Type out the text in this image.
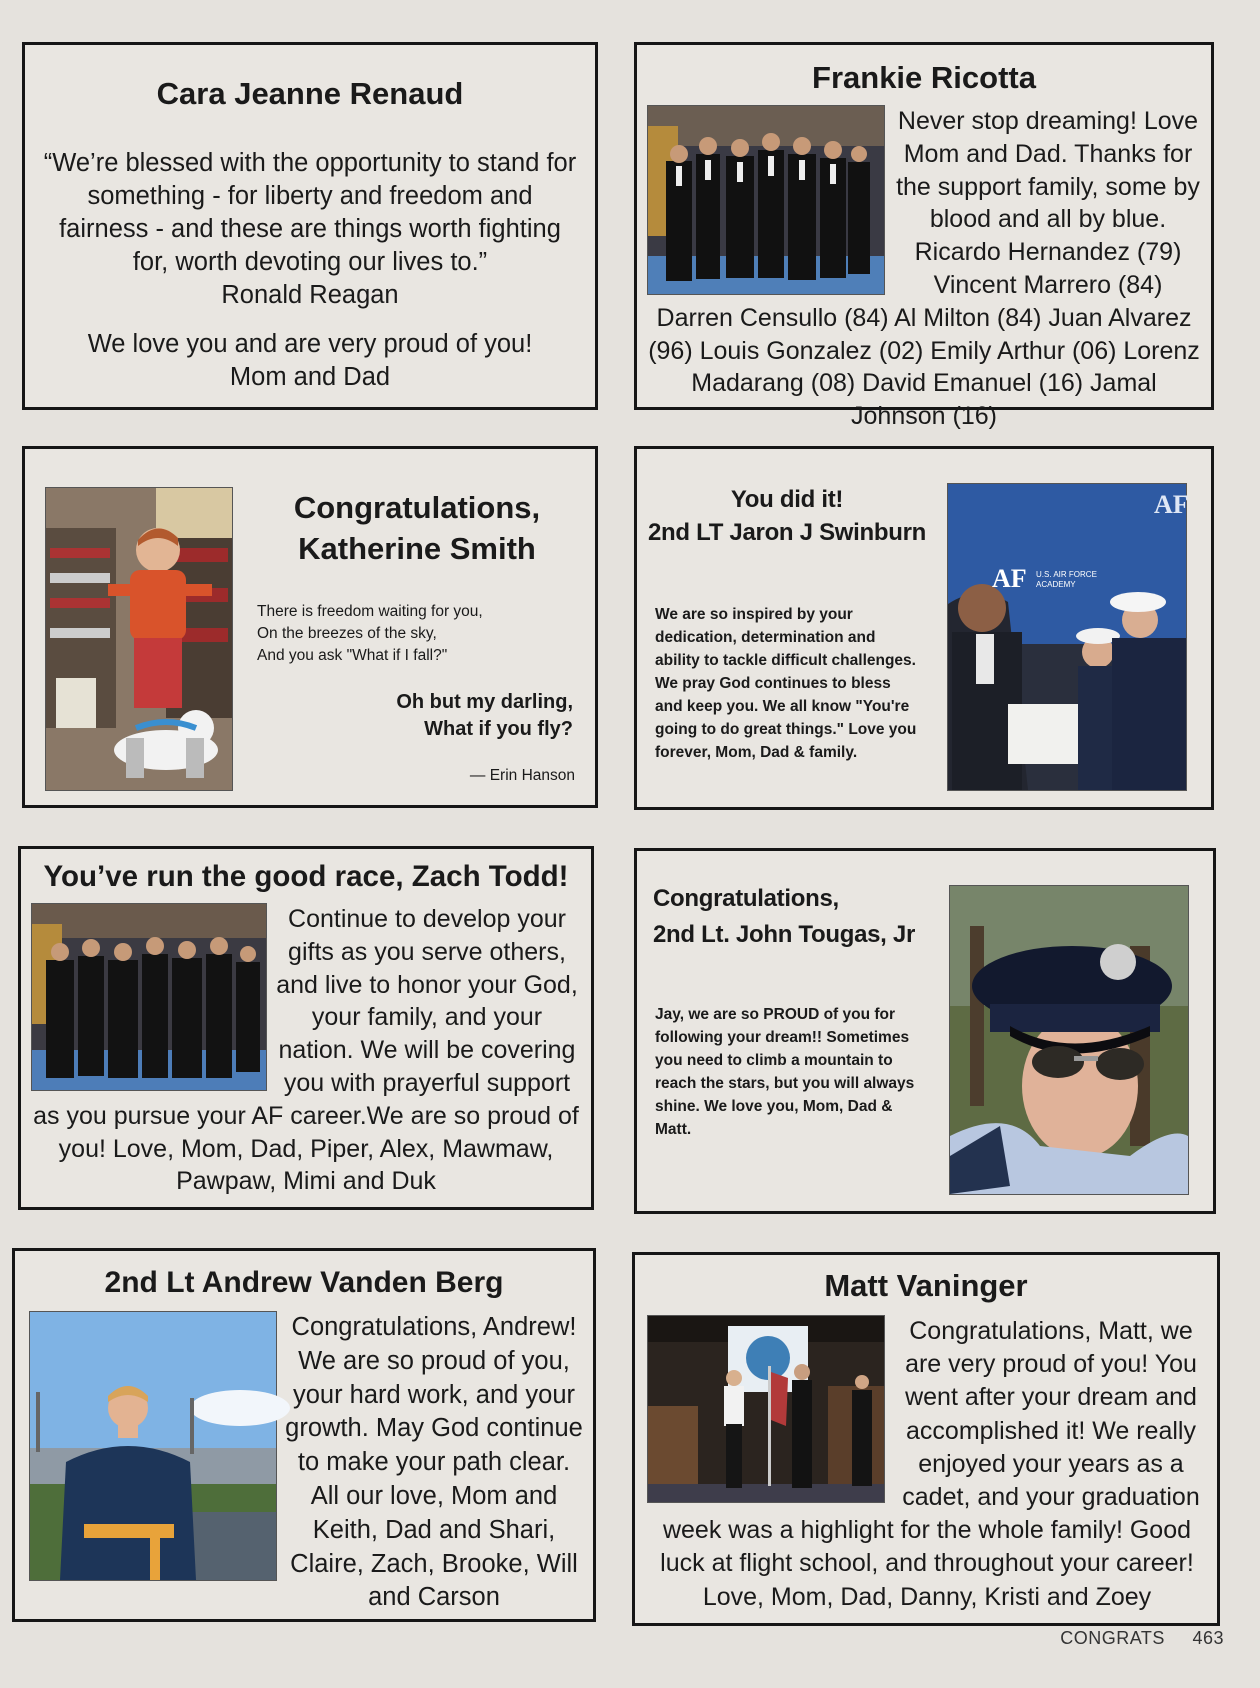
Cara Jeanne Renaud

“We’re blessed with the opportunity to stand for something - for liberty and freedom and fairness - and these are things worth fighting for, worth devoting our lives to.”

Ronald Reagan

We love you and are very proud of you!

Mom and Dad

Frankie Ricotta

Never stop dreaming! Love Mom and Dad. Thanks for the support family, some by blood and all by blue. Ricardo Hernandez (79) Vincent Marrero (84) Darren Censullo (84) Al Milton (84) Juan Alvarez (96) Louis Gonzalez (02) Emily Arthur (06) Lorenz Madarang (08) David Emanuel (16) Jamal Johnson (16)

Congratulations,
Katherine Smith
There is freedom waiting for you,
On the breezes of the sky,
And you ask "What if I fall?"
Oh but my darling,
What if you fly?
— Erin Hanson
You did it!
2nd LT Jaron J Swinburn

We are so inspired by your dedication, determination and ability to tackle difficult challenges. We pray God continues to bless and keep you. We all know "You're going to do great things." Love you forever, Mom, Dad & family.

AF U.S. AIR FORCE ACADEMY
AF
You’ve run the good race, Zach Todd!

Continue to develop your gifts as you serve others, and live to honor your God, your family, and your nation. We will be covering you with prayerful support as you pursue your AF career.We are so proud of you! Love, Mom, Dad, Piper, Alex, Mawmaw, Pawpaw, Mimi and Duk

Congratulations,
2nd Lt. John Tougas, Jr

Jay, we are so PROUD of you for following your dream!! Sometimes you need to climb a mountain to reach the stars, but you will always shine. We love you, Mom, Dad & Matt.

2nd Lt Andrew Vanden Berg

Congratulations, Andrew! We are so proud of you, your hard work, and your growth. May God continue to make your path clear. All our love, Mom and Keith, Dad and Shari, Claire, Zach, Brooke, Will and Carson

Matt Vaninger

Congratulations, Matt, we are very proud of you! You went after your dream and accomplished it! We really enjoyed your years as a cadet, and your graduation week was a highlight for the whole family! Good luck at flight school, and throughout your career! Love, Mom, Dad, Danny, Kristi and Zoey

CONGRATS 463
